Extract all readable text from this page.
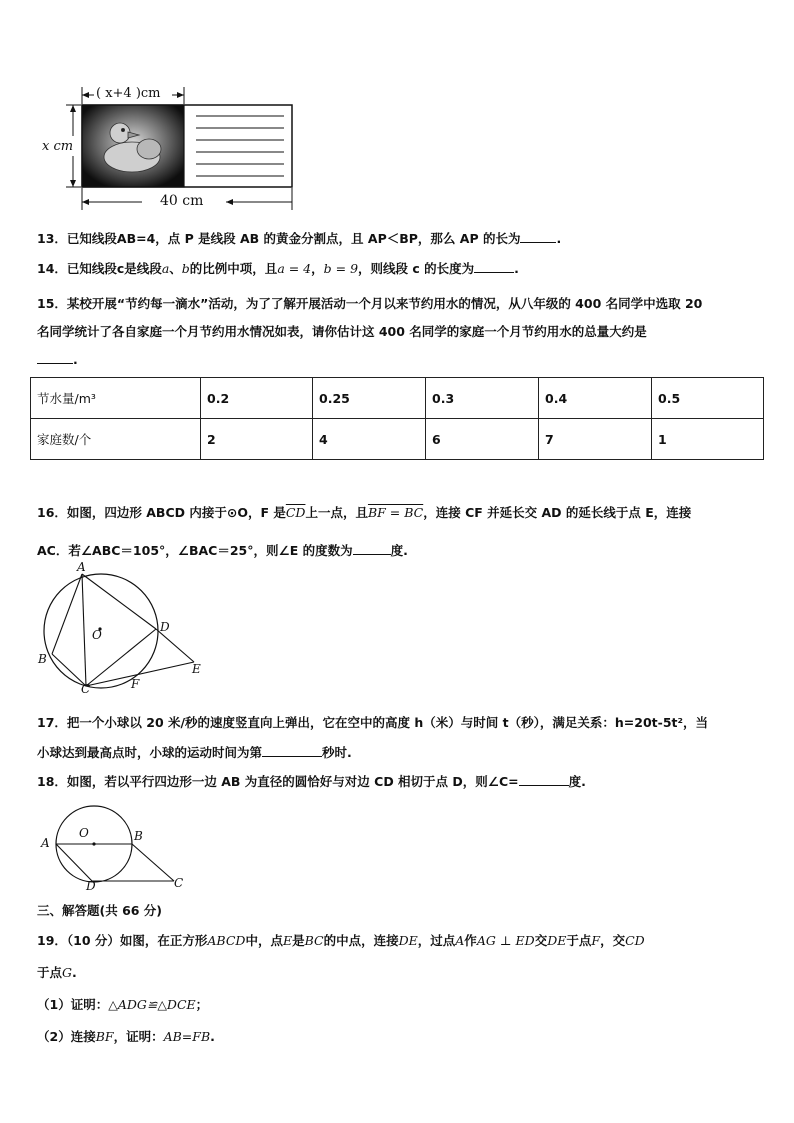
( x+4 )cm
x cm
40 cm
13．已知线段AB=4，点 P 是线段 AB 的黄金分割点，且 AP＜BP，那么 AP 的长为	.
14．已知线段c是线段a、b的比例中项，且a = 4，b = 9，则线段 c 的长度为	.
15．某校开展“节约每一滴水”活动，为了了解开展活动一个月以来节约用水的情况，从八年级的 400 名同学中选取 20
名同学统计了各自家庭一个月节约用水情况如表，请你估计这 400 名同学的家庭一个月节约用水的总量大约是
.
节水量/m³	0.2	0.25	0.3	0.4	0.5
家庭数/个	2	4	6	7	1
16．如图，四边形 ABCD 内接于⊙O，F 是$\overline{CD}$上一点，且BF = BC，连接 CF 并延长交 AD 的延长线于点 E，连接
AC．若∠ABC＝105°，∠BAC＝25°，则∠E 的度数为	度.
A
B
C
D
E
F
O
17．把一个小球以 20 米/秒的速度竖直向上弹出，它在空中的高度 h（米）与时间 t（秒），满足关系：h=20t-5t²，当
小球达到最高点时，小球的运动时间为第	秒时.
18．如图，若以平行四边形一边 AB 为直径的圆恰好与对边 CD 相切于点 D，则∠C=	度.
A
O	B
D	C
三、解答题(共 66 分)
19．（10 分）如图，在正方形ABCD中，点E是BC的中点，连接DE，过点A作AG ⊥ ED交DE于点F，交CD
于点G.
（1）证明：△ADG≌△DCE；
（2）连接BF，证明：AB=FB.
